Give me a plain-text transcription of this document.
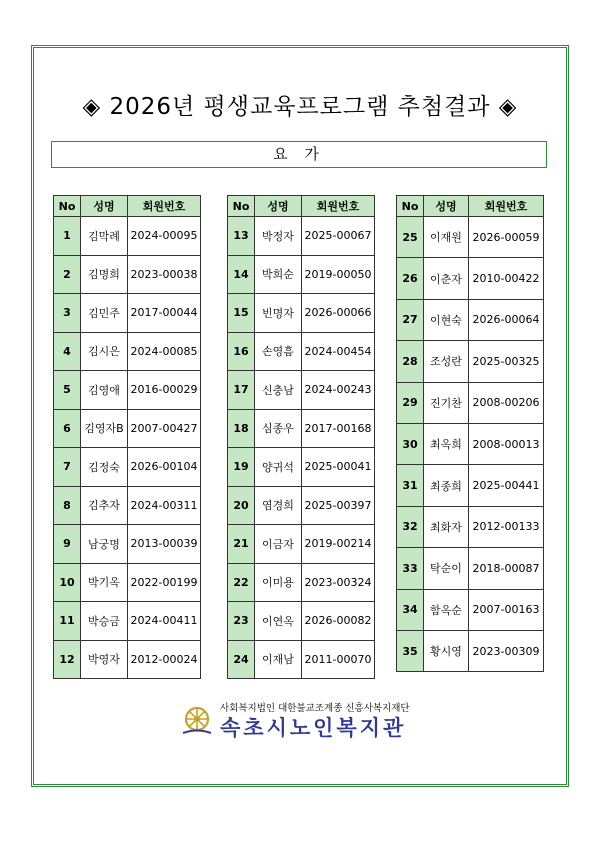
◈ 2026년 평생교육프로그램 추첨결과 ◈
요 가
No	성명	회원번호
1	김막례	2024-00095
2	김명희	2023-00038
3	김민주	2017-00044
4	김시은	2024-00085
5	김영애	2016-00029
6	김영자B	2007-00427
7	김정숙	2026-00104
8	김추자	2024-00311
9	남궁명	2013-00039
10	박기옥	2022-00199
11	박승금	2024-00411
12	박영자	2012-00024
No	성명	회원번호
13	박정자	2025-00067
14	박희순	2019-00050
15	빈명자	2026-00066
16	손영흠	2024-00454
17	신충남	2024-00243
18	심종우	2017-00168
19	양귀석	2025-00041
20	염경희	2025-00397
21	이금자	2019-00214
22	이미용	2023-00324
23	이연옥	2026-00082
24	이재남	2011-00070
No	성명	회원번호
25	이재원	2026-00059
26	이춘자	2010-00422
27	이현숙	2026-00064
28	조성란	2025-00325
29	진기찬	2008-00206
30	최옥희	2008-00013
31	최종희	2025-00441
32	최화자	2012-00133
33	탁순이	2018-00087
34	함옥순	2007-00163
35	황시영	2023-00309
사회복지법인 대한불교조계종 신흥사복지재단
속초시노인복지관
